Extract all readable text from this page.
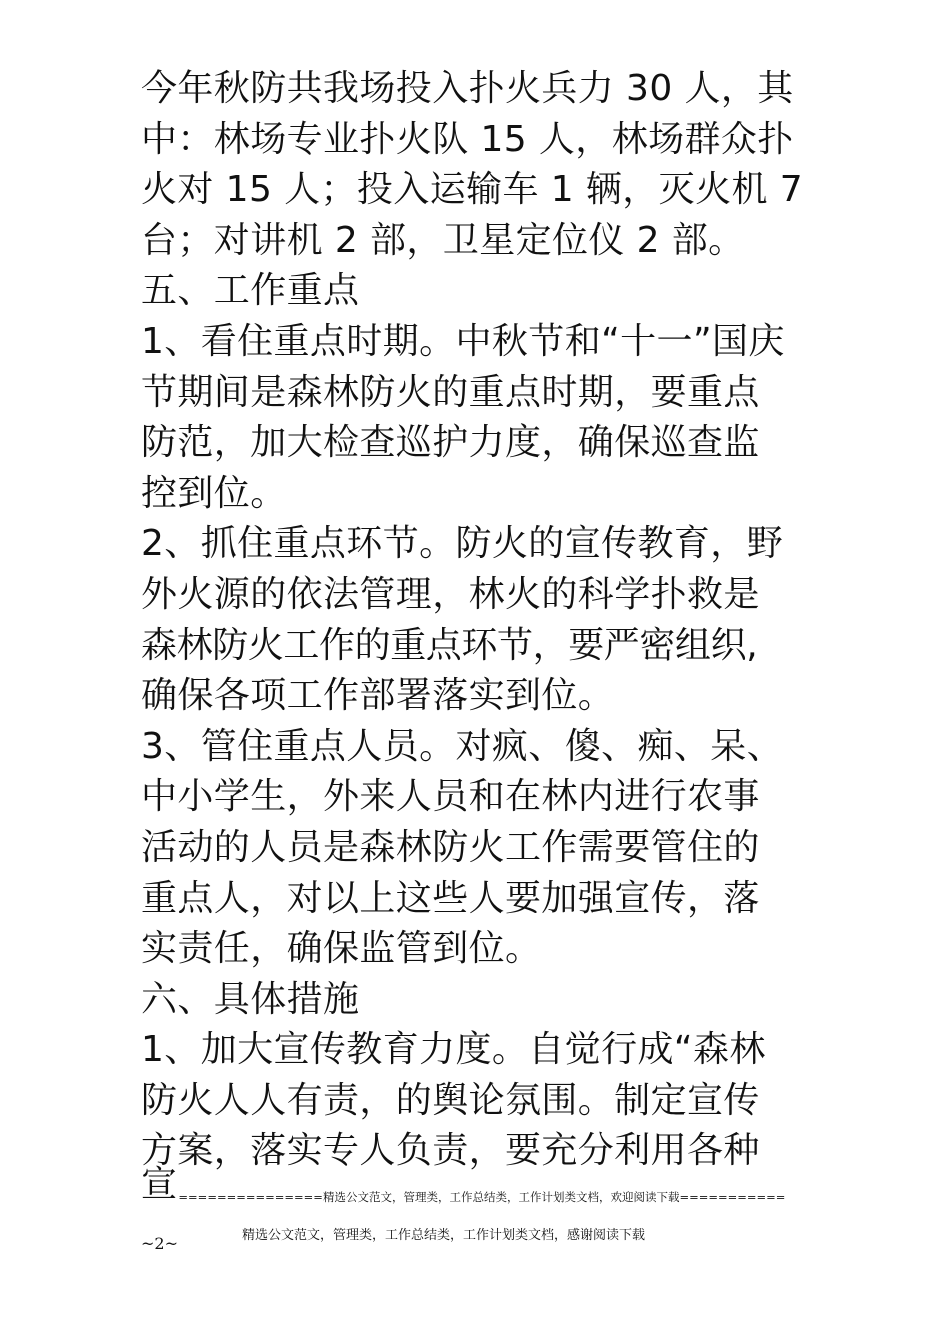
今年秋防共我场投入扑火兵力 30 人，其
中：林场专业扑火队 15 人，林场群众扑
火对 15 人；投入运输车 1 辆，灭火机 7
台；对讲机 2 部，卫星定位仪 2 部。
五、工作重点
1、看住重点时期。中秋节和“十一”国庆
节期间是森林防火的重点时期，要重点
防范，加大检查巡护力度，确保巡查监
控到位。
2、抓住重点环节。防火的宣传教育，野
外火源的依法管理，林火的科学扑救是
森林防火工作的重点环节，要严密组织,
确保各项工作部署落实到位。
3、管住重点人员。对疯、傻、痴、呆、
中小学生，外来人员和在林内进行农事
活动的人员是森林防火工作需要管住的
重点人，对以上这些人要加强宣传，落
实责任，确保监管到位。
六、具体措施
1、加大宣传教育力度。自觉行成“森林
防火人人有责，的舆论氛围。制定宣传
方案，落实专人负责，要充分利用各种
宣===============精选公文范文，管理类，工作总结类，工作计划类文档，欢迎阅读下载===========
~2~	精选公文范文，管理类，工作总结类，工作计划类文档，感谢阅读下载
